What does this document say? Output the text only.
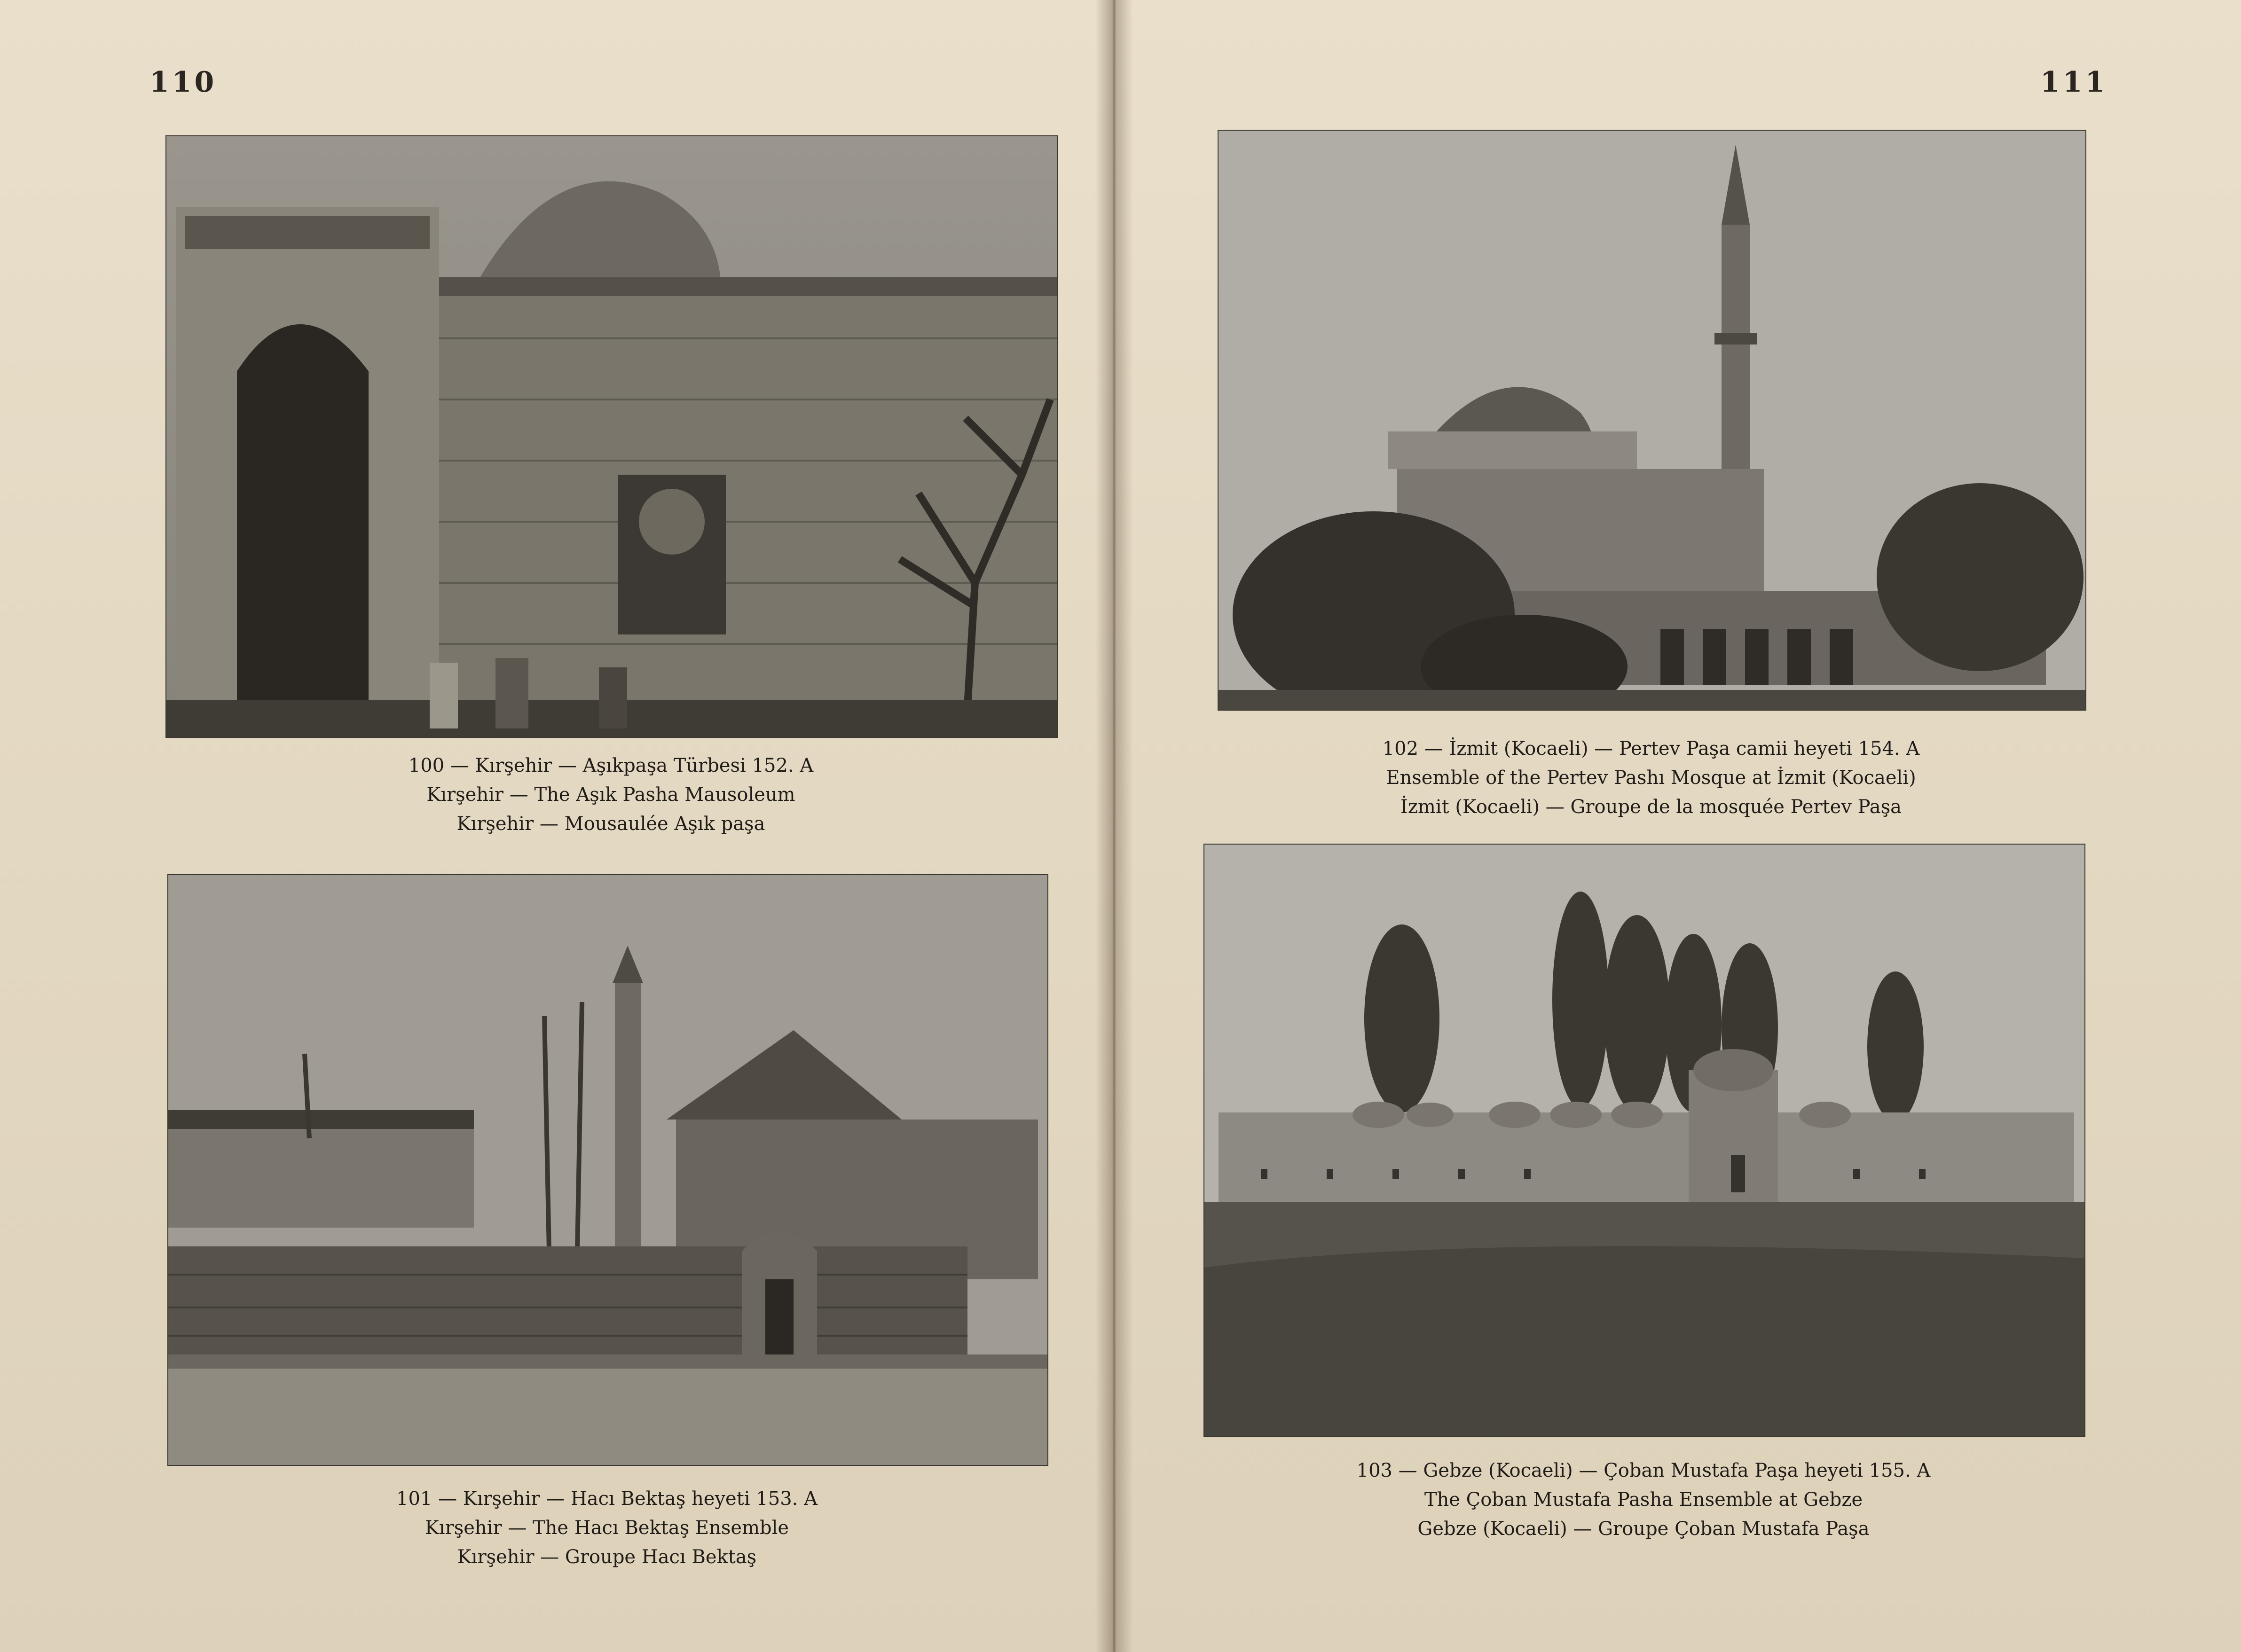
110	111
100 — Kırşehir — Aşıkpaşa Türbesi 152. A
Kırşehir — The Aşık Pasha Mausoleum
Kırşehir — Mousaulée Aşık paşa
101 — Kırşehir — Hacı Bektaş heyeti 153. A
Kırşehir — The Hacı Bektaş Ensemble
Kırşehir — Groupe Hacı Bektaş
102 — İzmit (Kocaeli) — Pertev Paşa camii heyeti 154. A
Ensemble of the Pertev Pashı Mosque at İzmit (Kocaeli)
İzmit (Kocaeli) — Groupe de la mosquée Pertev Paşa
103 — Gebze (Kocaeli) — Çoban Mustafa Paşa heyeti 155. A
The Çoban Mustafa Pasha Ensemble at Gebze
Gebze (Kocaeli) — Groupe Çoban Mustafa Paşa
